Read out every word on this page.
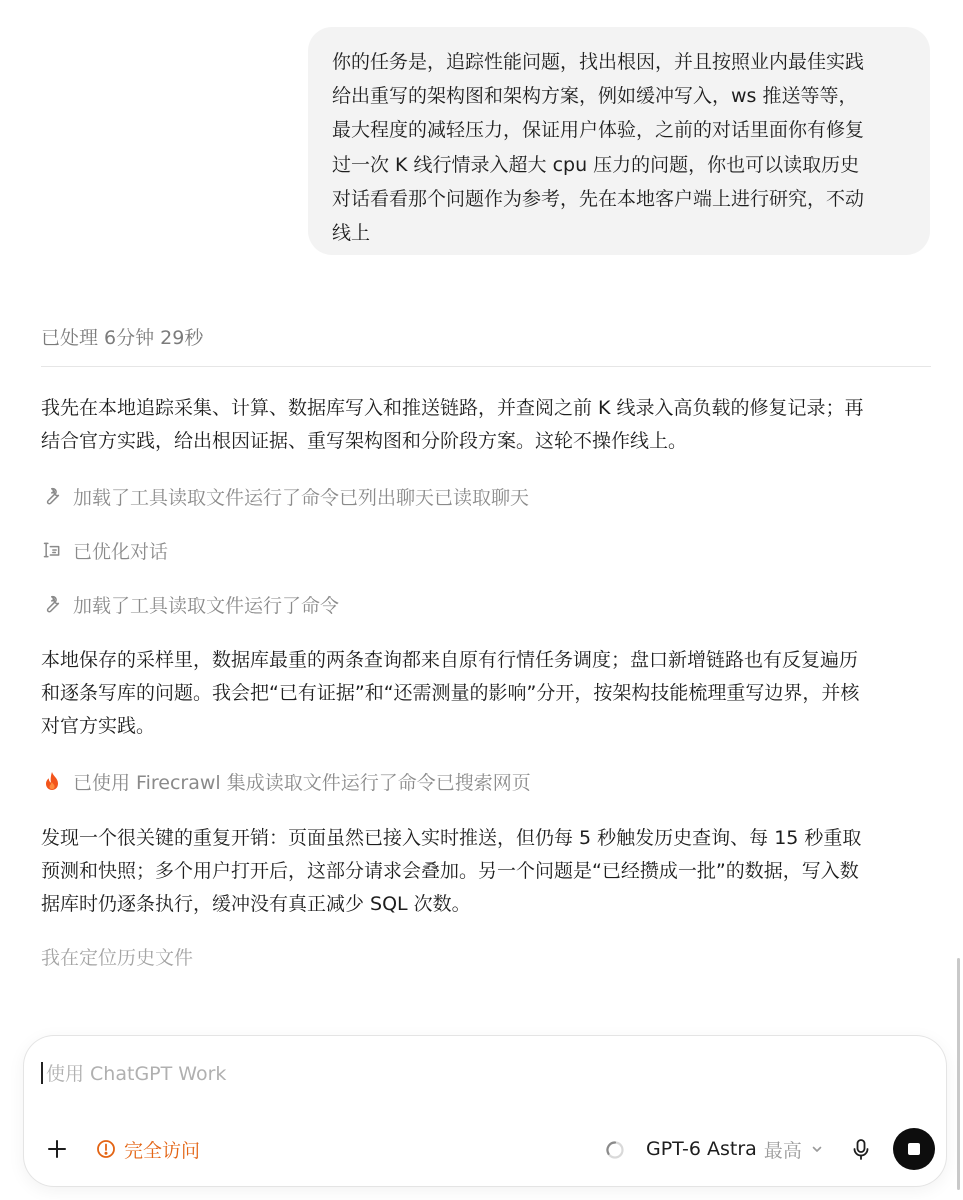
你的任务是，追踪性能问题，找出根因，并且按照业内最佳实践
给出重写的架构图和架构方案，例如缓冲写入，ws 推送等等，
最大程度的减轻压力，保证用户体验，之前的对话里面你有修复
过一次 K 线行情录入超大 cpu 压力的问题，你也可以读取历史
对话看看那个问题作为参考，先在本地客户端上进行研究，不动
线上
已处理 6分钟 29秒
我先在本地追踪采集、计算、数据库写入和推送链路，并查阅之前 K 线录入高负载的修复记录；再
结合官方实践，给出根因证据、重写架构图和分阶段方案。这轮不操作线上。
加载了工具读取文件运行了命令已列出聊天已读取聊天
已优化对话
加载了工具读取文件运行了命令
本地保存的采样里，数据库最重的两条查询都来自原有行情任务调度；盘口新增链路也有反复遍历
和逐条写库的问题。我会把“已有证据”和“还需测量的影响”分开，按架构技能梳理重写边界，并核
对官方实践。
已使用 Firecrawl 集成读取文件运行了命令已搜索网页
发现一个很关键的重复开销：页面虽然已接入实时推送，但仍每 5 秒触发历史查询、每 15 秒重取
预测和快照；多个用户打开后，这部分请求会叠加。另一个问题是“已经攒成一批”的数据，写入数
据库时仍逐条执行，缓冲没有真正减少 SQL 次数。
我在定位历史文件
使用 ChatGPT Work
完全访问	GPT-6 Astra 最高
